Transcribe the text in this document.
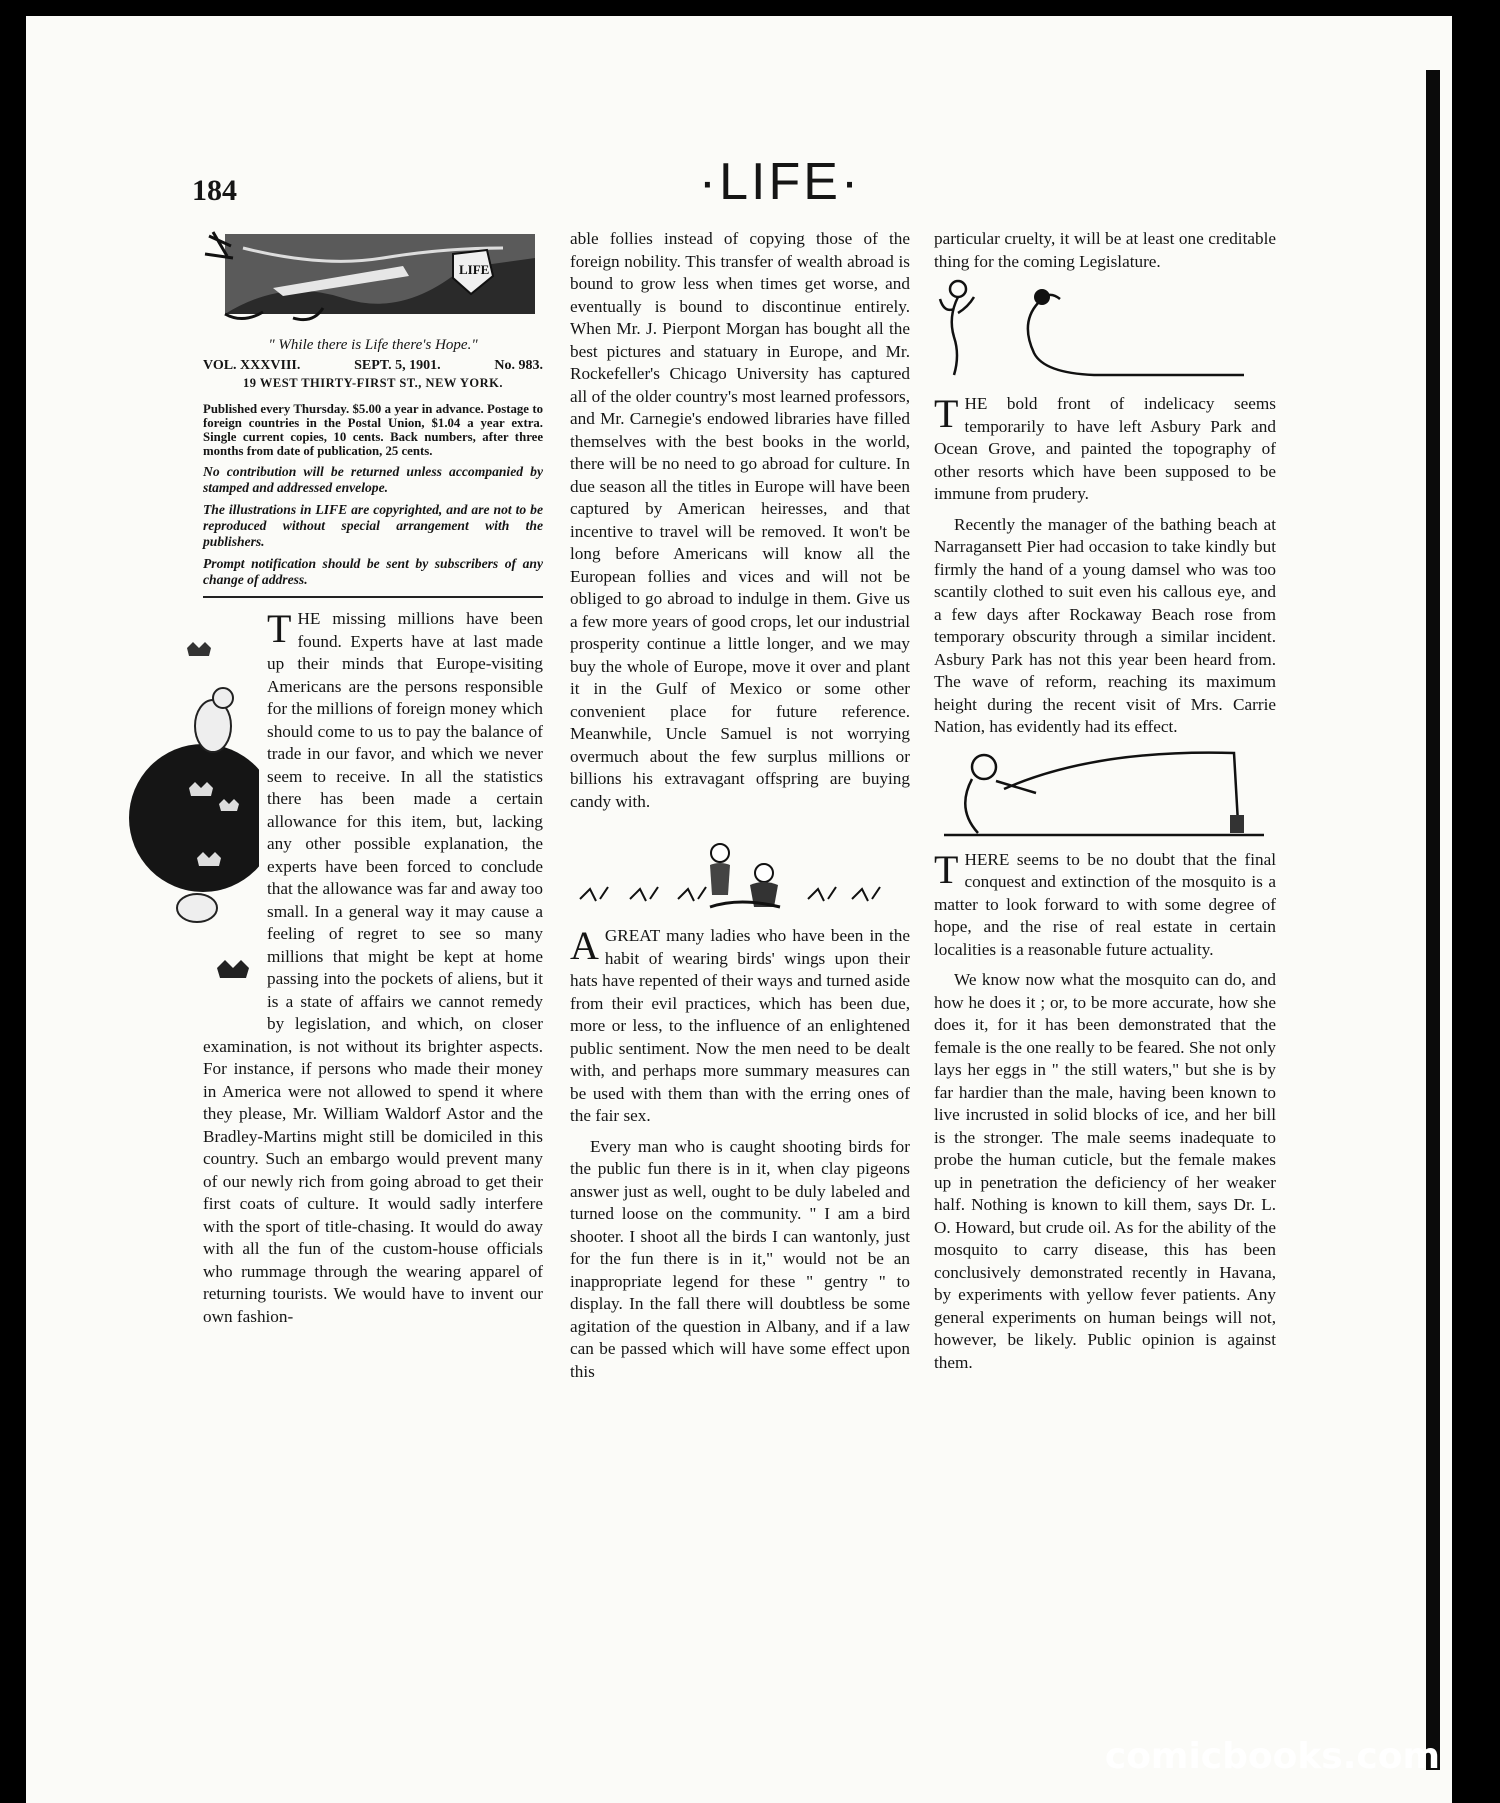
184	·LIFE·
LIFE
" While there is Life there's Hope."
VOL. XXXVIII.	SEPT. 5, 1901.	No. 983.
19 WEST THIRTY-FIRST ST., NEW YORK.
Published every Thursday. $5.00 a year in advance. Postage to foreign countries in the Postal Union, $1.04 a year extra. Single current copies, 10 cents. Back numbers, after three months from date of publication, 25 cents.
No contribution will be returned unless accompanied by stamped and addressed envelope.
The illustrations in LIFE are copyrighted, and are not to be reproduced without special arrangement with the publishers.
Prompt notification should be sent by subscribers of any change of address.

THE missing millions have been found. Experts have at last made up their minds that Europe-visiting Americans are the persons responsible for the millions of foreign money which should come to us to pay the balance of trade in our favor, and which we never seem to receive. In all the statistics there has been made a certain allowance for this item, but, lacking any other possible explanation, the experts have been forced to conclude that the allowance was far and away too small. In a general way it may cause a feeling of regret to see so many millions that might be kept at home passing into the pockets of aliens, but it is a state of affairs we cannot remedy by legislation, and which, on closer examination, is not without its brighter aspects. For instance, if persons who made their money in America were not allowed to spend it where they please, Mr. William Waldorf Astor and the Bradley-Martins might still be domiciled in this country. Such an embargo would prevent many of our newly rich from going abroad to get their first coats of culture. It would sadly interfere with the sport of title-chasing. It would do away with all the fun of the custom-house officials who rummage through the wearing apparel of returning tourists. We would have to invent our own fashion-

able follies instead of copying those of the foreign nobility. This transfer of wealth abroad is bound to grow less when times get worse, and eventually is bound to discontinue entirely. When Mr. J. Pierpont Morgan has bought all the best pictures and statuary in Europe, and Mr. Rockefeller's Chicago University has captured all of the older country's most learned professors, and Mr. Carnegie's endowed libraries have filled themselves with the best books in the world, there will be no need to go abroad for culture. In due season all the titles in Europe will have been captured by American heiresses, and that incentive to travel will be removed. It won't be long before Americans will know all the European follies and vices and will not be obliged to go abroad to indulge in them. Give us a few more years of good crops, let our industrial prosperity continue a little longer, and we may buy the whole of Europe, move it over and plant it in the Gulf of Mexico or some other convenient place for future reference. Meanwhile, Uncle Samuel is not worrying overmuch about the few surplus millions or billions his extravagant offspring are buying candy with.

AGREAT many ladies who have been in the habit of wearing birds' wings upon their hats have repented of their ways and turned aside from their evil practices, which has been due, more or less, to the influence of an enlightened public sentiment. Now the men need to be dealt with, and perhaps more summary measures can be used with them than with the erring ones of the fair sex.

Every man who is caught shooting birds for the public fun there is in it, when clay pigeons answer just as well, ought to be duly labeled and turned loose on the community. " I am a bird shooter. I shoot all the birds I can wantonly, just for the fun there is in it," would not be an inappropriate legend for these " gentry " to display. In the fall there will doubtless be some agitation of the question in Albany, and if a law can be passed which will have some effect upon this

particular cruelty, it will be at least one creditable thing for the coming Legislature.

THE bold front of indelicacy seems temporarily to have left Asbury Park and Ocean Grove, and painted the topography of other resorts which have been supposed to be immune from prudery.

Recently the manager of the bathing beach at Narragansett Pier had occasion to take kindly but firmly the hand of a young damsel who was too scantily clothed to suit even his callous eye, and a few days after Rockaway Beach rose from temporary obscurity through a similar incident. Asbury Park has not this year been heard from. The wave of reform, reaching its maximum height during the recent visit of Mrs. Carrie Nation, has evidently had its effect.

THERE seems to be no doubt that the final conquest and extinction of the mosquito is a matter to look forward to with some degree of hope, and the rise of real estate in certain localities is a reasonable future actuality.

We know now what the mosquito can do, and how he does it ; or, to be more accurate, how she does it, for it has been demonstrated that the female is the one really to be feared. She not only lays her eggs in " the still waters," but she is by far hardier than the male, having been known to live incrusted in solid blocks of ice, and her bill is the stronger. The male seems inadequate to probe the human cuticle, but the female makes up in penetration the deficiency of her weaker half. Nothing is known to kill them, says Dr. L. O. Howard, but crude oil. As for the ability of the mosquito to carry disease, this has been conclusively demonstrated recently in Havana, by experiments with yellow fever patients. Any general experiments on human beings will not, however, be likely. Public opinion is against them.

comicbooks.com
